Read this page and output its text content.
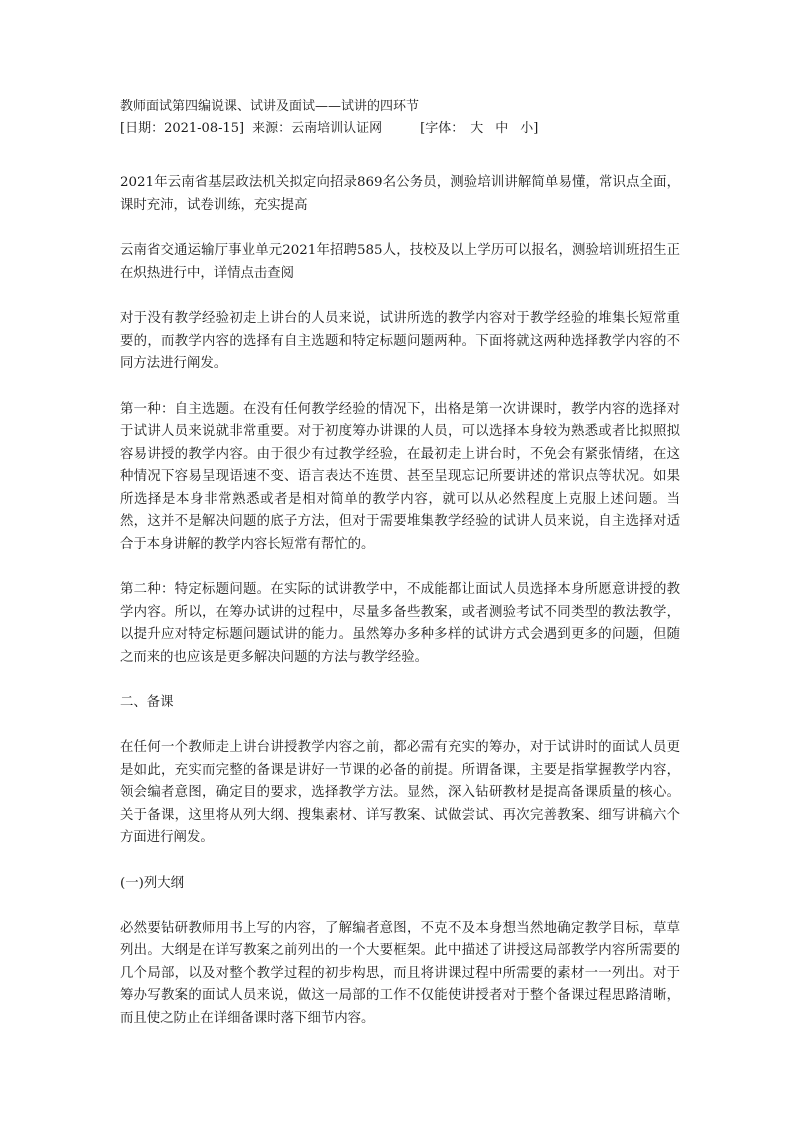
教师面试第四编说课、试讲及面试——试讲的四环节

[日期：2021-08-15] 来源：云南培训认证网	[字体： 大 中 小]

2021年云南省基层政法机关拟定向招录869名公务员，测验培训讲解简单易懂，常识点全面，课时充沛，试卷训练，充实提高

云南省交通运输厅事业单元2021年招聘585人，技校及以上学历可以报名，测验培训班招生正在炽热进行中，详情点击查阅

对于没有教学经验初走上讲台的人员来说，试讲所选的教学内容对于教学经验的堆集长短常重要的，而教学内容的选择有自主选题和特定标题问题两种。下面将就这两种选择教学内容的不同方法进行阐发。

第一种：自主选题。在没有任何教学经验的情况下，出格是第一次讲课时，教学内容的选择对于试讲人员来说就非常重要。对于初度筹办讲课的人员，可以选择本身较为熟悉或者比拟照拟容易讲授的教学内容。由于很少有过教学经验，在最初走上讲台时，不免会有紧张情绪，在这种情况下容易呈现语速不变、语言表达不连贯、甚至呈现忘记所要讲述的常识点等状况。如果所选择是本身非常熟悉或者是相对简单的教学内容，就可以从必然程度上克服上述问题。当然，这并不是解决问题的底子方法，但对于需要堆集教学经验的试讲人员来说，自主选择对适合于本身讲解的教学内容长短常有帮忙的。

第二种：特定标题问题。在实际的试讲教学中，不成能都让面试人员选择本身所愿意讲授的教学内容。所以，在筹办试讲的过程中，尽量多备些教案，或者测验考试不同类型的教法教学，以提升应对特定标题问题试讲的能力。虽然筹办多种多样的试讲方式会遇到更多的问题，但随之而来的也应该是更多解决问题的方法与教学经验。

二、备课

在任何一个教师走上讲台讲授教学内容之前，都必需有充实的筹办，对于试讲时的面试人员更是如此，充实而完整的备课是讲好一节课的必备的前提。所谓备课，主要是指掌握教学内容，领会编者意图，确定目的要求，选择教学方法。显然，深入钻研教材是提高备课质量的核心。关于备课，这里将从列大纲、搜集素材、详写教案、试做尝试、再次完善教案、细写讲稿六个方面进行阐发。

(一)列大纲

必然要钻研教师用书上写的内容，了解编者意图，不克不及本身想当然地确定教学目标，草草列出。大纲是在详写教案之前列出的一个大要框架。此中描述了讲授这局部教学内容所需要的几个局部，以及对整个教学过程的初步构思，而且将讲课过程中所需要的素材一一列出。对于筹办写教案的面试人员来说，做这一局部的工作不仅能使讲授者对于整个备课过程思路清晰，而且使之防止在详细备课时落下细节内容。
